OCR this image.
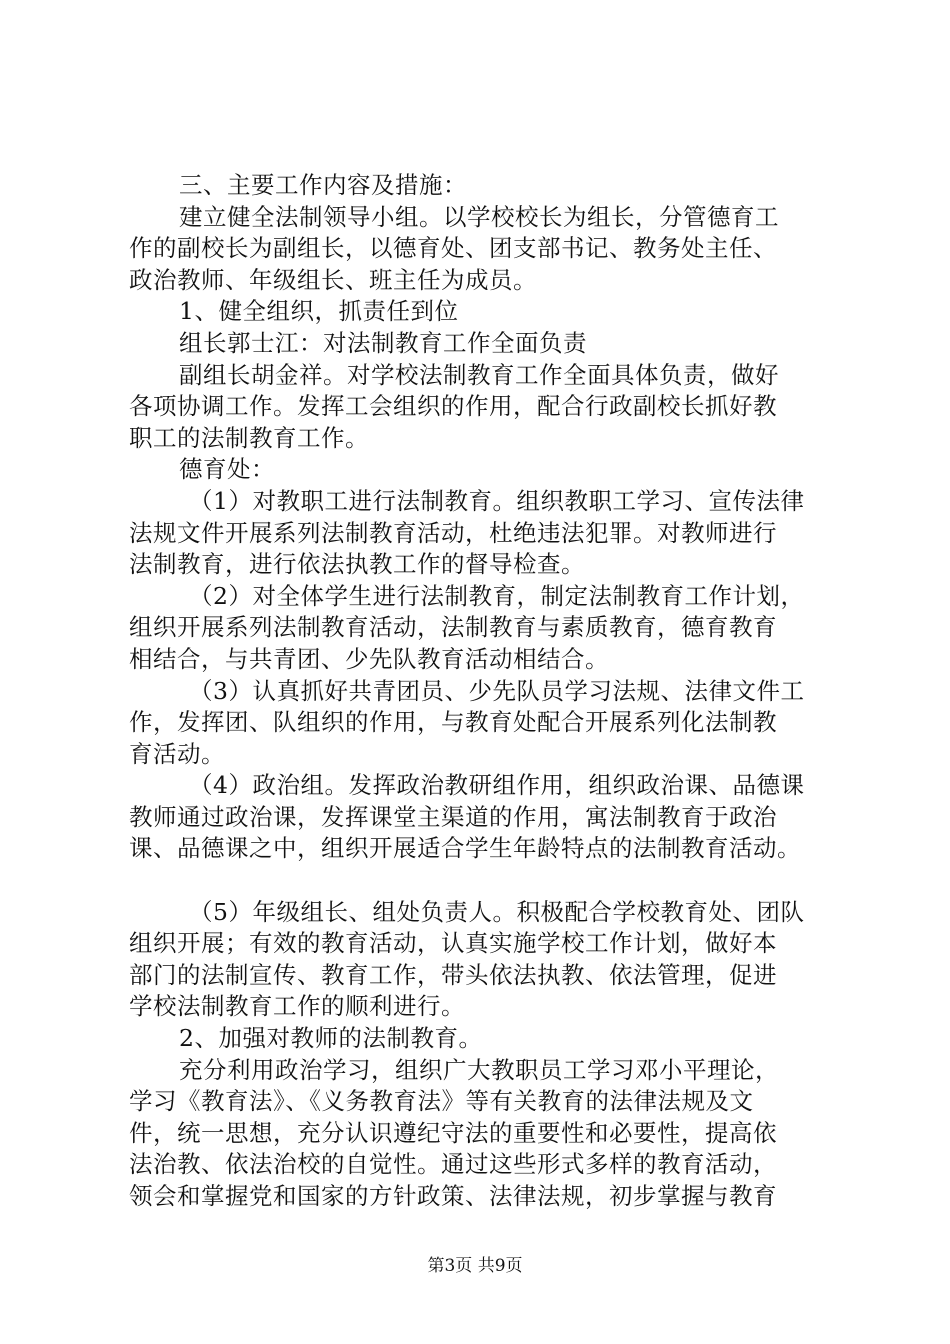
三、主要工作内容及措施：
建立健全法制领导小组。以学校校长为组长，分管德育工
作的副校长为副组长，以德育处、团支部书记、教务处主任、
政治教师、年级组长、班主任为成员。
1、健全组织，抓责任到位
组长郭士江：对法制教育工作全面负责
副组长胡金祥。对学校法制教育工作全面具体负责，做好
各项协调工作。发挥工会组织的作用，配合行政副校长抓好教
职工的法制教育工作。
德育处：
（1）对教职工进行法制教育。组织教职工学习、宣传法律
法规文件开展系列法制教育活动，杜绝违法犯罪。对教师进行
法制教育，进行依法执教工作的督导检查。
（2）对全体学生进行法制教育，制定法制教育工作计划，
组织开展系列法制教育活动，法制教育与素质教育，德育教育
相结合，与共青团、少先队教育活动相结合。
（3）认真抓好共青团员、少先队员学习法规、法律文件工
作，发挥团、队组织的作用，与教育处配合开展系列化法制教
育活动。
（4）政治组。发挥政治教研组作用，组织政治课、品德课
教师通过政治课，发挥课堂主渠道的作用，寓法制教育于政治
课、品德课之中，组织开展适合学生年龄特点的法制教育活动。
（5）年级组长、组处负责人。积极配合学校教育处、团队
组织开展；有效的教育活动，认真实施学校工作计划，做好本
部门的法制宣传、教育工作，带头依法执教、依法管理，促进
学校法制教育工作的顺利进行。
2、加强对教师的法制教育。
充分利用政治学习，组织广大教职员工学习邓小平理论，
学习《教育法》、《义务教育法》等有关教育的法律法规及文
件，统一思想，充分认识遵纪守法的重要性和必要性，提高依
法治教、依法治校的自觉性。通过这些形式多样的教育活动，
领会和掌握党和国家的方针政策、法律法规，初步掌握与教育
第3页 共9页
